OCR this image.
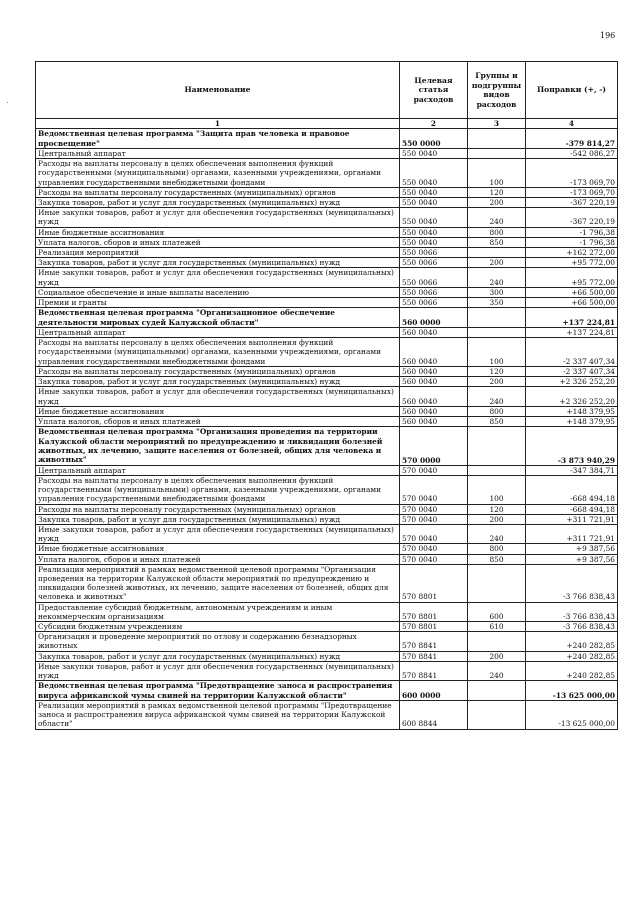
196
.
Наименование	Целевая статья расходов	Группы и подгруппы видов расходов	Поправки (+, -)
1	2	3	4
Ведомственная целевая программа "Защита прав человека и правовое просвещение"	550 0000		-379 814,27
Центральный аппарат	550 0040		-542 086,27
Расходы на выплаты персоналу в целях обеспечения выполнения функций государственными (муниципальными) органами, казенными учреждениями, органами управления государственными внебюджетными фондами	550 0040	100	-173 069,70
Расходы на выплаты персоналу государственных (муниципальных) органов	550 0040	120	-173 069,70
Закупка товаров, работ и услуг для государственных (муниципальных) нужд	550 0040	200	-367 220,19
Иные закупки товаров, работ и услуг для обеспечения государственных (муниципальных) нужд	550 0040	240	-367 220,19
Иные бюджетные ассигнования	550 0040	800	-1 796,38
Уплата налогов, сборов и иных платежей	550 0040	850	-1 796,38
Реализация мероприятий	550 0066		+162 272,00
Закупка товаров, работ и услуг для государственных (муниципальных) нужд	550 0066	200	+95 772,00
Иные закупки товаров, работ и услуг для обеспечения государственных (муниципальных) нужд	550 0066	240	+95 772,00
Социальное обеспечение и иные выплаты населению	550 0066	300	+66 500,00
Премии и гранты	550 0066	350	+66 500,00
Ведомственная целевая программа "Организационное обеспечение деятельности мировых судей Калужской области"	560 0000		+137 224,81
Центральный аппарат	560 0040		+137 224,81
Расходы на выплаты персоналу в целях обеспечения выполнения функций государственными (муниципальными) органами, казенными учреждениями, органами управления государственными внебюджетными фондами	560 0040	100	-2 337 407,34
Расходы на выплаты персоналу государственных (муниципальных) органов	560 0040	120	-2 337 407,34
Закупка товаров, работ и услуг для государственных (муниципальных) нужд	560 0040	200	+2 326 252,20
Иные закупки товаров, работ и услуг для обеспечения государственных (муниципальных) нужд	560 0040	240	+2 326 252,20
Иные бюджетные ассигнования	560 0040	800	+148 379,95
Уплата налогов, сборов и иных платежей	560 0040	850	+148 379,95
Ведомственная целевая программа "Организация проведения на территории Калужской области мероприятий по предупреждению и ликвидации болезней животных, их лечению, защите населения от болезней, общих для человека и животных"	570 0000		-3 873 940,29
Центральный аппарат	570 0040		-347 384,71
Расходы на выплаты персоналу в целях обеспечения выполнения функций государственными (муниципальными) органами, казенными учреждениями, органами управления государственными внебюджетными фондами	570 0040	100	-668 494,18
Расходы на выплаты персоналу государственных (муниципальных) органов	570 0040	120	-668 494,18
Закупка товаров, работ и услуг для государственных (муниципальных) нужд	570 0040	200	+311 721,91
Иные закупки товаров, работ и услуг для обеспечения государственных (муниципальных) нужд	570 0040	240	+311 721,91
Иные бюджетные ассигнования	570 0040	800	+9 387,56
Уплата налогов, сборов и иных платежей	570 0040	850	+9 387,56
Реализация мероприятий в рамках ведомственной целевой программы "Организация проведения на территории Калужской области мероприятий по предупреждению и ликвидации болезней животных, их лечению, защите населения от болезней, общих для человека и животных"	570 8801		-3 766 838,43
Предоставление субсидий бюджетным, автономным учреждениям и иным некоммерческим организациям	570 8801	600	-3 766 838,43
Субсидии бюджетным учреждениям	570 8801	610	-3 766 838,43
Организация и проведение мероприятий по отлову и содержанию безнадзорных животных	570 8841		+240 282,85
Закупка товаров, работ и услуг для государственных (муниципальных) нужд	570 8841	200	+240 282,85
Иные закупки товаров, работ и услуг для обеспечения государственных (муниципальных) нужд	570 8841	240	+240 282,85
Ведомственная целевая программа "Предотвращение заноса и распространения вируса африканской чумы свиней на территории Калужской области"	600 0000		-13 625 000,00
Реализация мероприятий в рамках ведомственной целевой программы "Предотвращение заноса и распространения вируса африканской чумы свиней на территории Калужской области"	600 8844		-13 625 000,00
